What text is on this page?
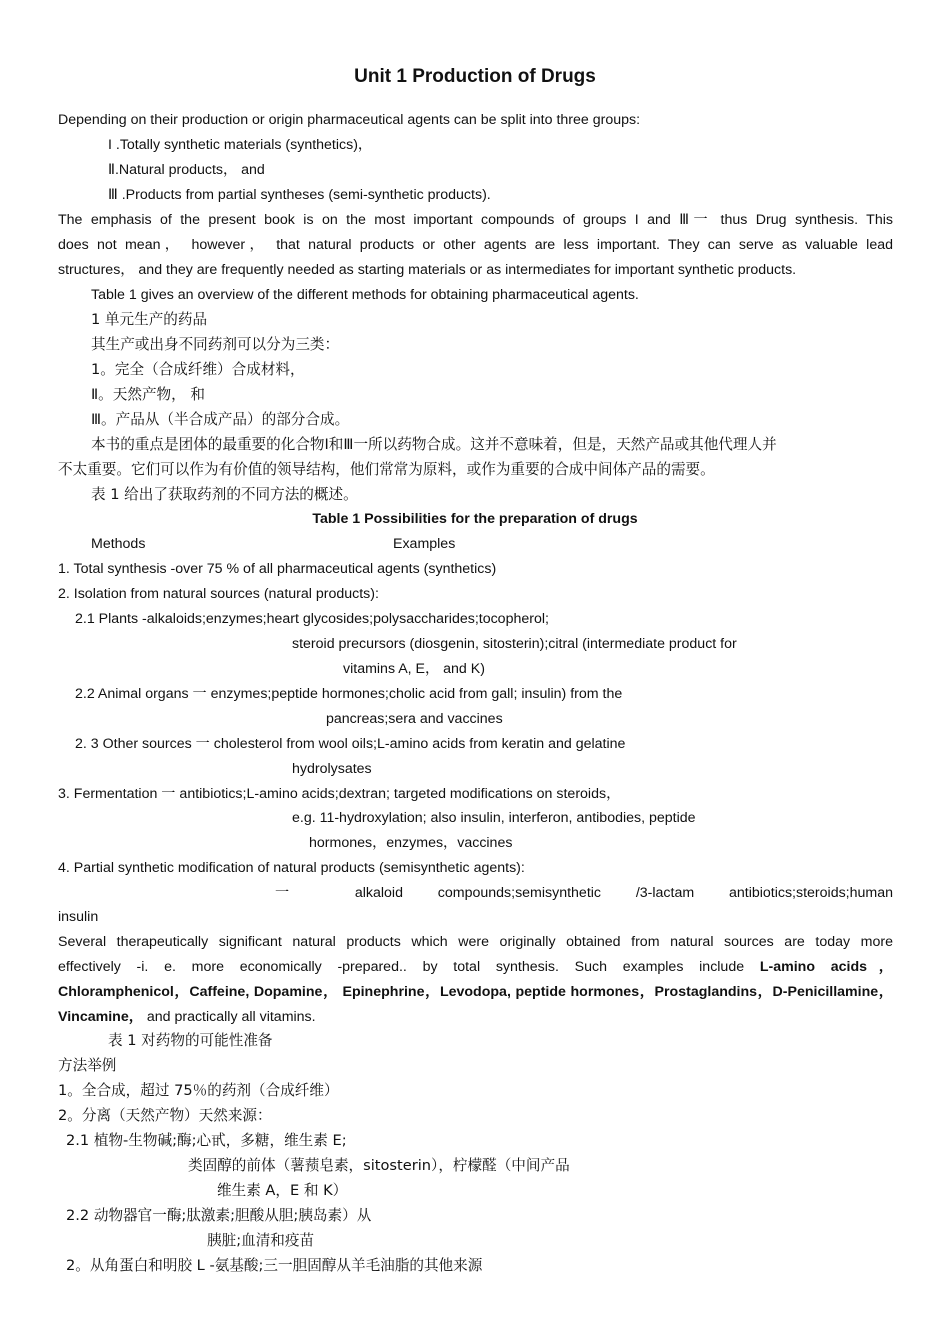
Unit 1 Production of Drugs
Depending on their production or origin pharmaceutical agents can be split into three groups:
I .Totally synthetic materials (synthetics)，
Ⅱ.Natural products， and
Ⅲ .Products from partial syntheses (semi-synthetic products).
The emphasis of the present book is on the most important compounds of groups I and Ⅲ一 thus Drug synthesis. This
does not mean， however， that natural products or other agents are less important. They can serve as valuable lead
structures， and they are frequently needed as starting materials or as intermediates for important synthetic products.
Table 1 gives an overview of the different methods for obtaining pharmaceutical agents.
1 单元生产的药品
其生产或出身不同药剂可以分为三类：
1。完全（合成纤维）合成材料，
Ⅱ。天然产物， 和
Ⅲ。产品从（半合成产品）的部分合成。
本书的重点是团体的最重要的化合物Ⅰ和Ⅲ一所以药物合成。这并不意味着，但是，天然产品或其他代理人并
不太重要。它们可以作为有价值的领导结构，他们常常为原料，或作为重要的合成中间体产品的需要。
表 1 给出了获取药剂的不同方法的概述。
Table 1 Possibilities for the preparation of drugs
Methods	Examples
1. Total synthesis -over 75 % of all pharmaceutical agents (synthetics)
2. Isolation from natural sources (natural products):
2.1 Plants -alkaloids;enzymes;heart glycosides;polysaccharides;tocopherol;
steroid precursors (diosgenin, sitosterin);citral (intermediate product for
vitamins A, E， and K)
2.2 Animal organs 一 enzymes;peptide hormones;cholic acid from gall; insulin) from the
pancreas;sera and vaccines
2. 3 Other sources 一 cholesterol from wool oils;L-amino acids from keratin and gelatine
hydrolysates
3. Fermentation 一 antibiotics;L-amino acids;dextran; targeted modifications on steroids，
e.g. 11-hydroxylation; also insulin, interferon, antibodies, peptide
hormones，enzymes，vaccines
4. Partial synthetic modification of natural products (semisynthetic agents):
一 alkaloid compounds;semisynthetic /3-lactam antibiotics;steroids;human
insulin
Several therapeutically significant natural products which were originally obtained from natural sources are today more
effectively -i. e. more economically -prepared.. by total synthesis. Such examples include L-amino acids，
Chloramphenicol，Caffeine, Dopamine， Epinephrine，Levodopa, peptide hormones，Prostaglandins，D-Penicillamine，
Vincamine， and practically all vitamins.
表 1 对药物的可能性准备
方法举例
1。全合成，超过 75％的药剂（合成纤维）
2。分离（天然产物）天然来源：
2.1 植物-生物碱;酶;心甙，多糖，维生素 E;
类固醇的前体（薯蓣皂素，sitosterin），柠檬醛（中间产品
维生素 A，E 和 K）
2.2 动物器官一酶;肽激素;胆酸从胆;胰岛素）从
胰脏;血清和疫苗
2。从角蛋白和明胶 L -氨基酸;三一胆固醇从羊毛油脂的其他来源
